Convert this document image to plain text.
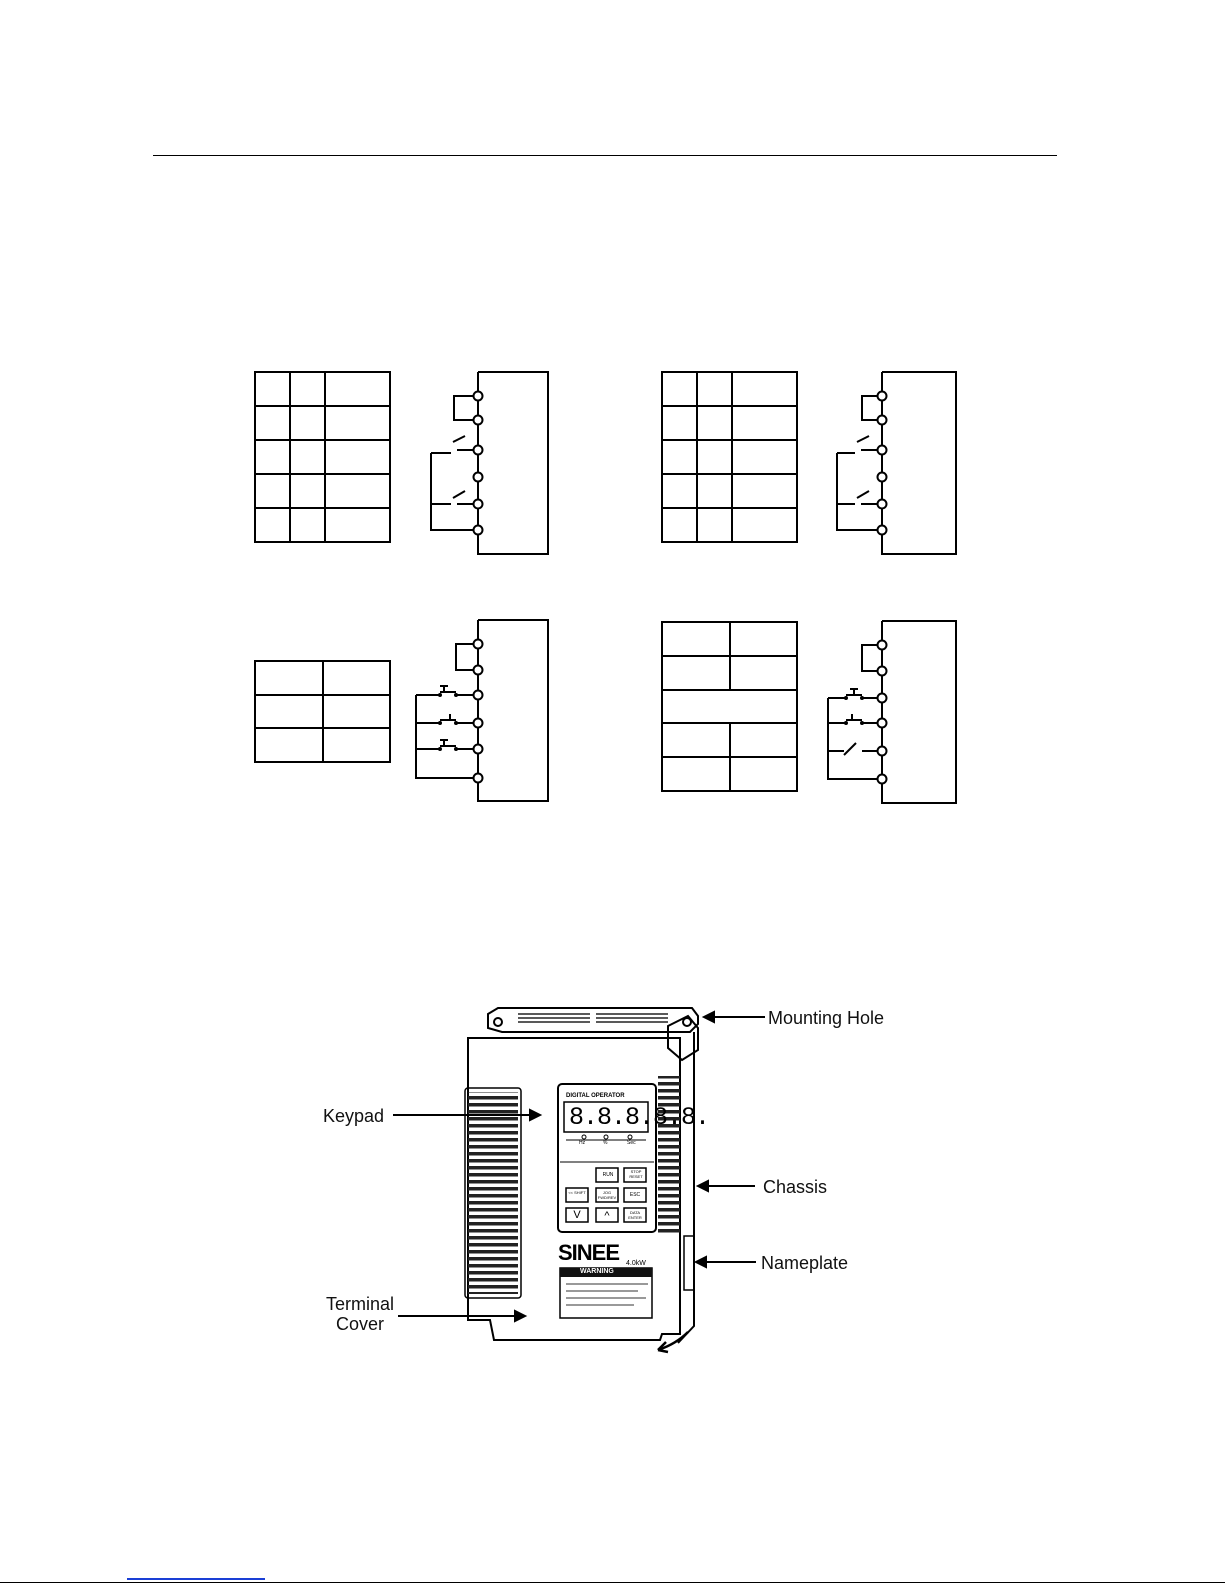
DIGITAL OPERATOR
8.8.8.8.8.
Hz	%	Sec
RUN
STOP RESET
<< SHIFT	JOG FWD/REV	ESC
V	^	DATA ENTER
SINEE 4.0kW
WARNING
Mounting Hole
Keypad
Chassis
Nameplate
Terminal
Cover
